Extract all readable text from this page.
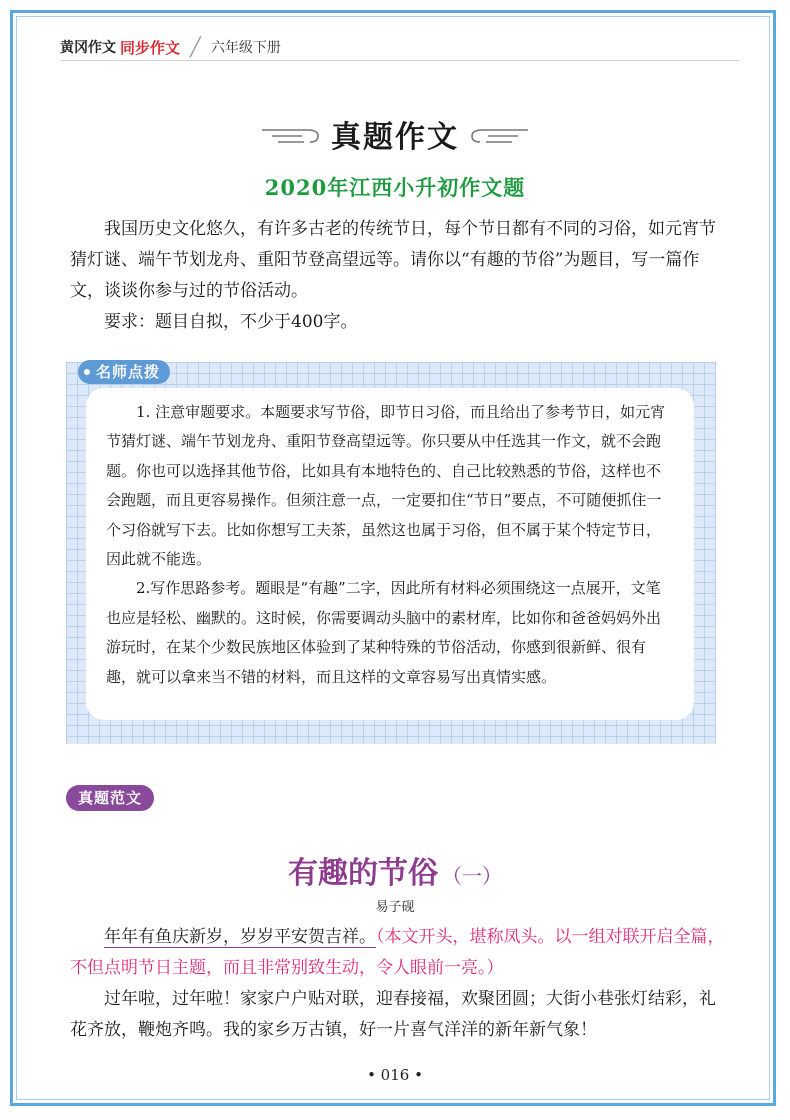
黄冈作文 同步作文 ╱ 六年级下册
真题作文
2020年江西小升初作文题

我国历史文化悠久，有许多古老的传统节日，每个节日都有不同的习俗，如元宵节猜灯谜、端午节划龙舟、重阳节登高望远等。请你以“有趣的节俗”为题目，写一篇作文，谈谈你参与过的节俗活动。

要求：题目自拟，不少于400字。

名师点拨

1. 注意审题要求。本题要求写节俗，即节日习俗，而且给出了参考节日，如元宵节猜灯谜、端午节划龙舟、重阳节登高望远等。你只要从中任选其一作文，就不会跑题。你也可以选择其他节俗，比如具有本地特色的、自己比较熟悉的节俗，这样也不会跑题，而且更容易操作。但须注意一点，一定要扣住“节日”要点，不可随便抓住一个习俗就写下去。比如你想写工夫茶，虽然这也属于习俗，但不属于某个特定节日，因此就不能选。

2.写作思路参考。题眼是“有趣”二字，因此所有材料必须围绕这一点展开，文笔也应是轻松、幽默的。这时候，你需要调动头脑中的素材库，比如你和爸爸妈妈外出游玩时，在某个少数民族地区体验到了某种特殊的节俗活动，你感到很新鲜、很有趣，就可以拿来当不错的材料，而且这样的文章容易写出真情实感。

真题范文
有趣的节俗 （一）
易子砚

年年有鱼庆新岁，岁岁平安贺吉祥。（本文开头，堪称凤头。以一组对联开启全篇，不但点明节日主题，而且非常别致生动，令人眼前一亮。）

过年啦，过年啦！家家户户贴对联，迎春接福，欢聚团圆；大街小巷张灯结彩，礼花齐放，鞭炮齐鸣。我的家乡万古镇，好一片喜气洋洋的新年新气象！

• 016 •
